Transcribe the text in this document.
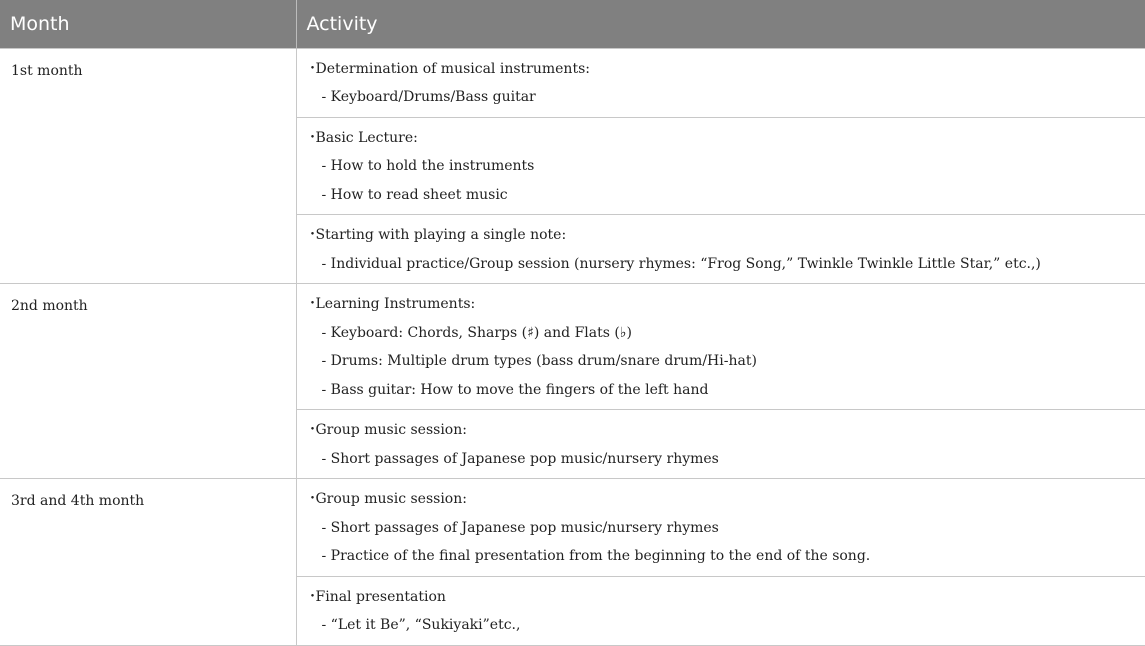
Month	Activity
1st month	・Determination of musical instruments:
- Keyboard/Drums/Bass guitar

	・Basic Lecture:
- How to hold the instruments
- How to read sheet music

	・Starting with playing a single note:
- Individual practice/Group session (nursery rhymes: “Frog Song,” Twinkle Twinkle Little Star,” etc.,)

2nd month	・Learning Instruments:
- Keyboard: Chords, Sharps (♯) and Flats (♭)
- Drums: Multiple drum types (bass drum/snare drum/Hi-hat)
- Bass guitar: How to move the fingers of the left hand

	・Group music session:
- Short passages of Japanese pop music/nursery rhymes

3rd and 4th month	・Group music session:
- Short passages of Japanese pop music/nursery rhymes
- Practice of the final presentation from the beginning to the end of the song.

	・Final presentation
- “Let it Be”, “Sukiyaki”etc.,
